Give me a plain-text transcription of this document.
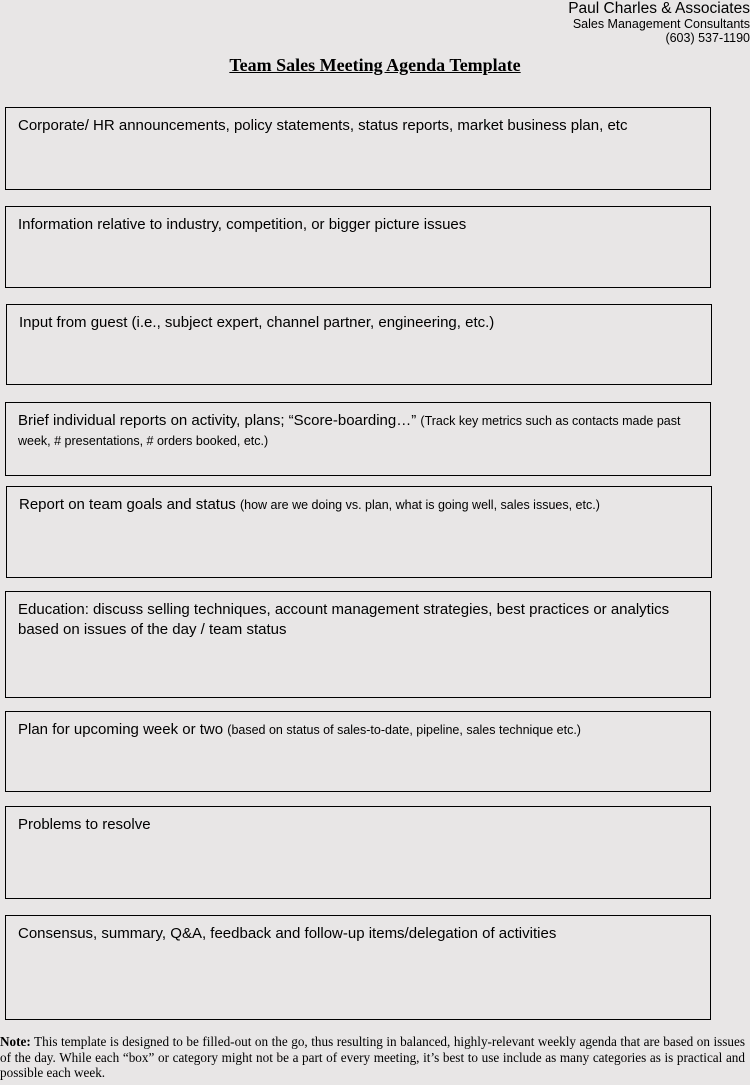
Paul Charles & Associates
Sales Management Consultants
(603) 537-1190
Team Sales Meeting Agenda Template
Corporate/ HR announcements, policy statements, status reports, market business plan, etc
Information relative to industry, competition, or bigger picture issues
Input from guest (i.e., subject expert, channel partner, engineering, etc.)
Brief individual reports on activity, plans; “Score-boarding…” (Track key metrics such as contacts made past week, # presentations, # orders booked, etc.)
Report on team goals and status (how are we doing vs. plan, what is going well, sales issues, etc.)
Education: discuss selling techniques, account management strategies, best practices or analytics based on issues of the day / team status
Plan for upcoming week or two (based on status of sales-to-date, pipeline, sales technique etc.)
Problems to resolve
Consensus, summary, Q&A, feedback and follow-up items/delegation of activities
Note: This template is designed to be filled-out on the go, thus resulting in balanced, highly-relevant weekly agenda that are based on issues of the day. While each “box” or category might not be a part of every meeting, it’s best to use include as many categories as is practical and possible each week.
